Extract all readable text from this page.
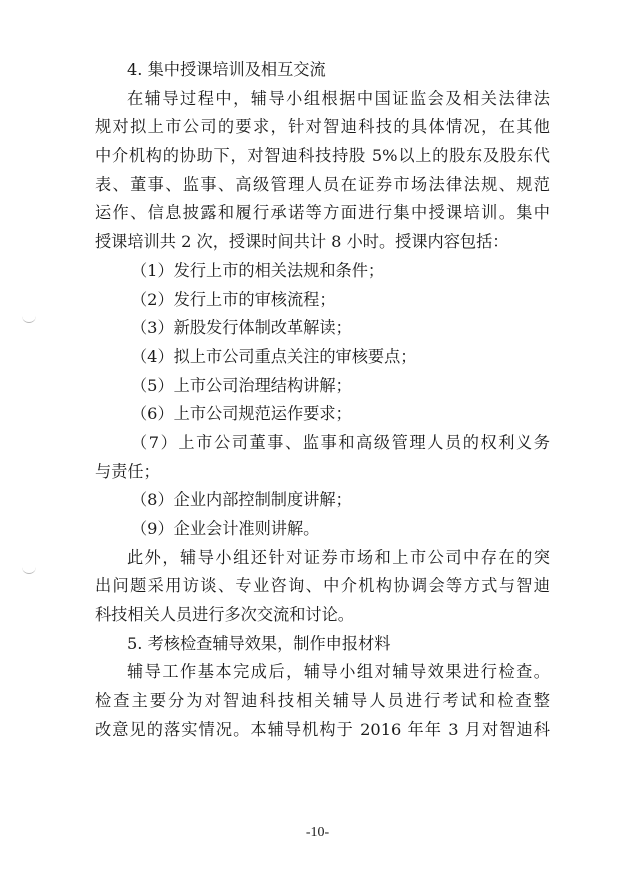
4. 集中授课培训及相互交流
在辅导过程中，辅导小组根据中国证监会及相关法律法
规对拟上市公司的要求，针对智迪科技的具体情况，在其他
中介机构的协助下，对智迪科技持股 5%以上的股东及股东代
表、董事、监事、高级管理人员在证券市场法律法规、规范
运作、信息披露和履行承诺等方面进行集中授课培训。集中
授课培训共 2 次，授课时间共计 8 小时。授课内容包括：
（1）发行上市的相关法规和条件；
（2）发行上市的审核流程；
（3）新股发行体制改革解读；
（4）拟上市公司重点关注的审核要点；
（5）上市公司治理结构讲解；
（6）上市公司规范运作要求；
（7）上市公司董事、监事和高级管理人员的权利义务
与责任；
（8）企业内部控制制度讲解；
（9）企业会计准则讲解。
此外，辅导小组还针对证券市场和上市公司中存在的突
出问题采用访谈、专业咨询、中介机构协调会等方式与智迪
科技相关人员进行多次交流和讨论。
5. 考核检查辅导效果，制作申报材料
辅导工作基本完成后，辅导小组对辅导效果进行检查。
检查主要分为对智迪科技相关辅导人员进行考试和检查整
改意见的落实情况。本辅导机构于 2016 年年 3 月对智迪科
-10-
